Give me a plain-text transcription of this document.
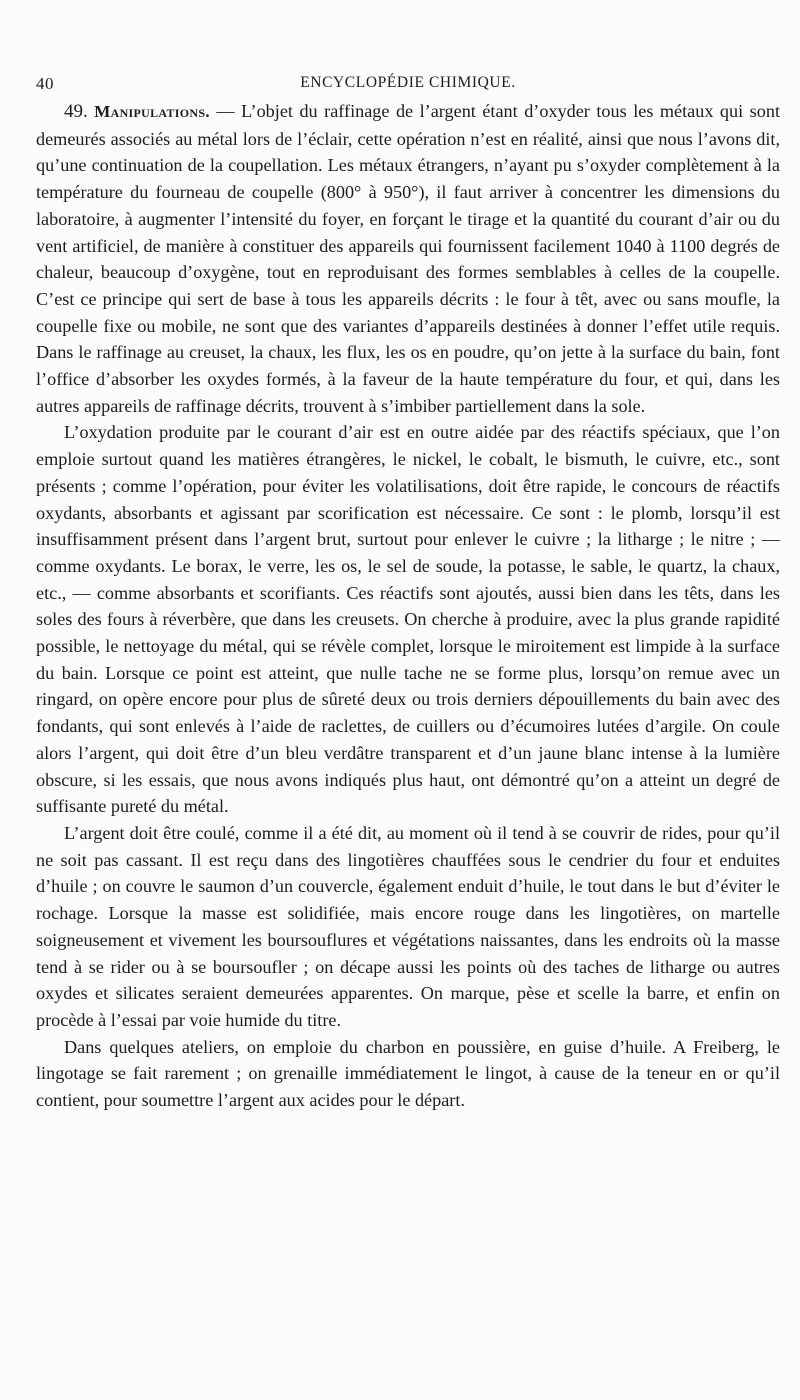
40	ENCYCLOPÉDIE CHIMIQUE.

49. Manipulations. — L’objet du raffinage de l’argent étant d’oxyder tous les métaux qui sont demeurés associés au métal lors de l’éclair, cette opération n’est en réalité, ainsi que nous l’avons dit, qu’une continuation de la coupellation. Les métaux étrangers, n’ayant pu s’oxyder complètement à la température du fourneau de coupelle (800° à 950°), il faut arriver à concentrer les dimensions du laboratoire, à augmenter l’intensité du foyer, en forçant le tirage et la quantité du courant d’air ou du vent artificiel, de manière à constituer des appareils qui fournissent facilement 1040 à 1100 degrés de chaleur, beaucoup d’oxygène, tout en reproduisant des formes semblables à celles de la coupelle. C’est ce principe qui sert de base à tous les appareils décrits : le four à têt, avec ou sans moufle, la coupelle fixe ou mobile, ne sont que des variantes d’appareils destinées à donner l’effet utile requis. Dans le raffinage au creuset, la chaux, les flux, les os en poudre, qu’on jette à la surface du bain, font l’office d’absorber les oxydes formés, à la faveur de la haute température du four, et qui, dans les autres appareils de raffinage décrits, trouvent à s’imbiber partiellement dans la sole.

L’oxydation produite par le courant d’air est en outre aidée par des réactifs spéciaux, que l’on emploie surtout quand les matières étrangères, le nickel, le cobalt, le bismuth, le cuivre, etc., sont présents ; comme l’opération, pour éviter les volatilisations, doit être rapide, le concours de réactifs oxydants, absorbants et agissant par scorification est nécessaire. Ce sont : le plomb, lorsqu’il est insuffisamment présent dans l’argent brut, surtout pour enlever le cuivre ; la litharge ; le nitre ; — comme oxydants. Le borax, le verre, les os, le sel de soude, la potasse, le sable, le quartz, la chaux, etc., — comme absorbants et scorifiants. Ces réactifs sont ajoutés, aussi bien dans les têts, dans les soles des fours à réverbère, que dans les creusets. On cherche à produire, avec la plus grande rapidité possible, le nettoyage du métal, qui se révèle complet, lorsque le miroitement est limpide à la surface du bain. Lorsque ce point est atteint, que nulle tache ne se forme plus, lorsqu’on remue avec un ringard, on opère encore pour plus de sûreté deux ou trois derniers dépouillements du bain avec des fondants, qui sont enlevés à l’aide de raclettes, de cuillers ou d’écumoires lutées d’argile. On coule alors l’argent, qui doit être d’un bleu verdâtre transparent et d’un jaune blanc intense à la lumière obscure, si les essais, que nous avons indiqués plus haut, ont démontré qu’on a atteint un degré de suffisante pureté du métal.

L’argent doit être coulé, comme il a été dit, au moment où il tend à se couvrir de rides, pour qu’il ne soit pas cassant. Il est reçu dans des lingotières chauffées sous le cendrier du four et enduites d’huile ; on couvre le saumon d’un couvercle, également enduit d’huile, le tout dans le but d’éviter le rochage. Lorsque la masse est solidifiée, mais encore rouge dans les lingotières, on martelle soigneusement et vivement les boursouflures et végétations naissantes, dans les endroits où la masse tend à se rider ou à se boursoufler ; on décape aussi les points où des taches de litharge ou autres oxydes et silicates seraient demeurées apparentes. On marque, pèse et scelle la barre, et enfin on procède à l’essai par voie humide du titre.

Dans quelques ateliers, on emploie du charbon en poussière, en guise d’huile. A Freiberg, le lingotage se fait rarement ; on grenaille immédiatement le lingot, à cause de la teneur en or qu’il contient, pour soumettre l’argent aux acides pour le départ.
